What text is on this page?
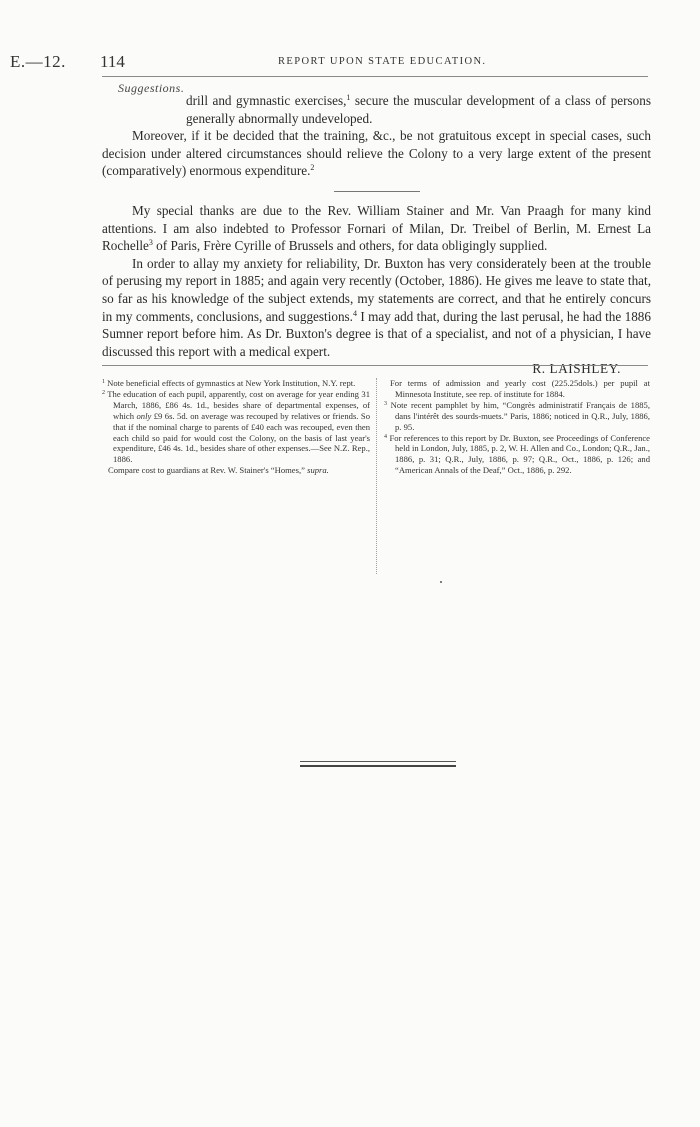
E.—12. 114	REPORT UPON STATE EDUCATION.
Suggestions.

drill and gymnastic exercises,$^1$ secure the muscular development of a class of persons generally abnormally undeveloped.

Moreover, if it be decided that the training, &c., be not gratuitous except in special cases, such decision under altered circumstances should relieve the Colony to a very large extent of the present (comparatively) enormous expenditure.$^2$

My special thanks are due to the Rev. William Stainer and Mr. Van Praagh for many kind attentions. I am also indebted to Professor Fornari of Milan, Dr. Treibel of Berlin, M. Ernest La Rochelle$^3$ of Paris, Frère Cyrille of Brussels and others, for data obligingly supplied.

In order to allay my anxiety for reliability, Dr. Buxton has very considerately been at the trouble of perusing my report in 1885; and again very recently (October, 1886). He gives me leave to state that, so far as his knowledge of the subject extends, my statements are correct, and that he entirely concurs in my comments, conclusions, and suggestions.$^4$ I may add that, during the last perusal, he had the 1886 Sumner report before him. As Dr. Buxton's degree is that of a specialist, and not of a physician, I have discussed this report with a medical expert.

R. LAISHLEY.

$^1$ Note beneficial effects of gymnastics at New York Institution, N.Y. rept.

$^2$ The education of each pupil, apparently, cost on average for year ending 31 March, 1886, £86 4s. 1d., besides share of departmental expenses, of which only £9 6s. 5d. on average was recouped by relatives or friends. So that if the nominal charge to parents of £40 each was recouped, even then each child so paid for would cost the Colony, on the basis of last year's expenditure, £46 4s. 1d., besides share of other expenses.—See N.Z. Rep., 1886.

Compare cost to guardians at Rev. W. Stainer's “Homes,” supra.

For terms of admission and yearly cost (225.25dols.) per pupil at Minnesota Institute, see rep. of institute for 1884.

$^3$ Note recent pamphlet by him, “Congrès administratif Français de 1885, dans l'intérêt des sourds-muets.” Paris, 1886; noticed in Q.R., July, 1886, p. 95.

$^4$ For references to this report by Dr. Buxton, see Proceedings of Conference held in London, July, 1885, p. 2, W. H. Allen and Co., London; Q.R., Jan., 1886, p. 31; Q.R., July, 1886, p. 97; Q.R., Oct., 1886, p. 126; and “American Annals of the Deaf,” Oct., 1886, p. 292.
